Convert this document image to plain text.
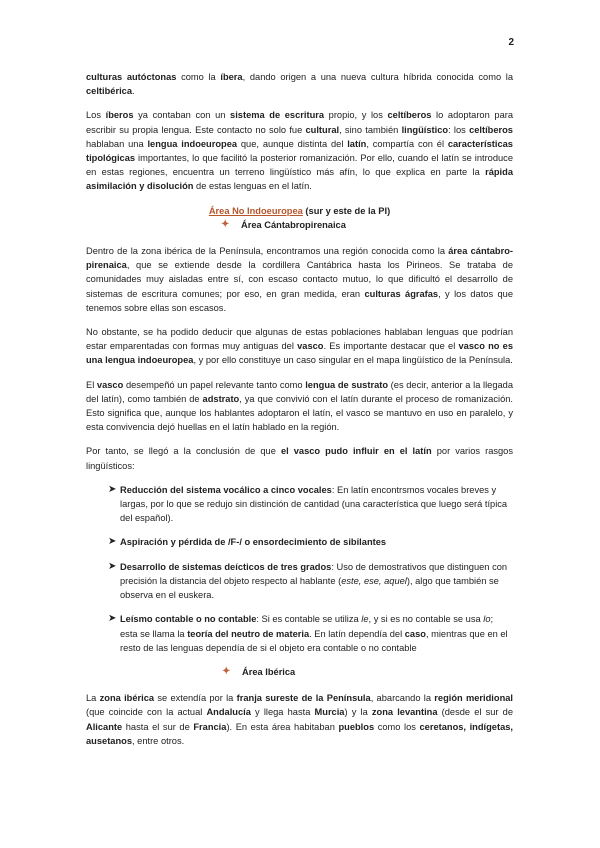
2

culturas autóctonas como la íbera, dando origen a una nueva cultura híbrida conocida como la celtibérica.

Los íberos ya contaban con un sistema de escritura propio, y los celtíberos lo adoptaron para escribir su propia lengua. Este contacto no solo fue cultural, sino también lingüístico: los celtíberos hablaban una lengua indoeuropea que, aunque distinta del latín, compartía con él características tipológicas importantes, lo que facilitó la posterior romanización. Por ello, cuando el latín se introduce en estas regiones, encuentra un terreno lingüístico más afín, lo que explica en parte la rápida asimilación y disolución de estas lenguas en el latín.

Área No Indoeuropea (sur y este de la PI)

✦ Área Cántabropirenaica

Dentro de la zona ibérica de la Península, encontramos una región conocida como la área cántabro-pirenaica, que se extiende desde la cordillera Cantábrica hasta los Pirineos. Se trataba de comunidades muy aisladas entre sí, con escaso contacto mutuo, lo que dificultó el desarrollo de sistemas de escritura comunes; por eso, en gran medida, eran culturas ágrafas, y los datos que tenemos sobre ellas son escasos.

No obstante, se ha podido deducir que algunas de estas poblaciones hablaban lenguas que podrían estar emparentadas con formas muy antiguas del vasco. Es importante destacar que el vasco no es una lengua indoeuropea, y por ello constituye un caso singular en el mapa lingüístico de la Península.

El vasco desempeñó un papel relevante tanto como lengua de sustrato (es decir, anterior a la llegada del latín), como también de adstrato, ya que convivió con el latín durante el proceso de romanización. Esto significa que, aunque los hablantes adoptaron el latín, el vasco se mantuvo en uso en paralelo, y esta convivencia dejó huellas en el latín hablado en la región.

Por tanto, se llegó a la conclusión de que el vasco pudo influir en el latín por varios rasgos lingüísticos:

➤ Reducción del sistema vocálico a cinco vocales: En latín encontrsmos vocales breves y largas, por lo que se redujo sin distinción de cantidad (una característica que luego será típica del español).
➤ Aspiración y pérdida de /F-/ o ensordecimiento de sibilantes
➤ Desarrollo de sistemas deícticos de tres grados: Uso de demostrativos que distinguen con precisión la distancia del objeto respecto al hablante (este, ese, aquel), algo que también se observa en el euskera.
➤ Leísmo contable o no contable: Si es contable se utiliza le, y si es no contable se usa lo; esta se llama la teoría del neutro de materia. En latín dependía del caso, mientras que en el resto de las lenguas dependía de si el objeto era contable o no contable
✦ Área Ibérica

La zona ibérica se extendía por la franja sureste de la Península, abarcando la región meridional (que coincide con la actual Andalucía y llega hasta Murcia) y la zona levantina (desde el sur de Alicante hasta el sur de Francia). En esta área habitaban pueblos como los ceretanos, indígetas, ausetanos, entre otros.
